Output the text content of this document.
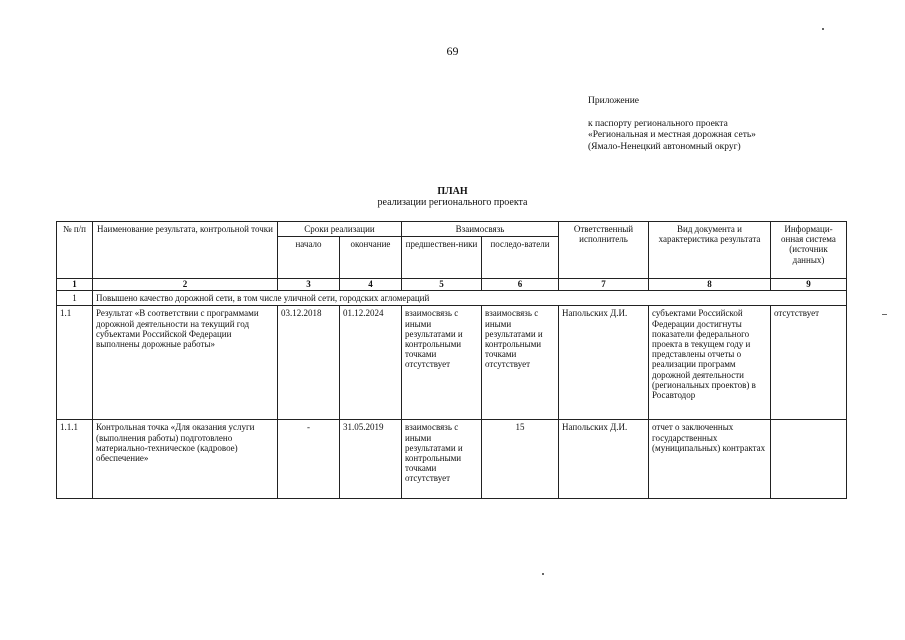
69
Приложение
к паспорту регионального проекта
«Региональная и местная дорожная сеть»
(Ямало-Ненецкий автономный округ)
ПЛАН
реализации регионального проекта
№ п/п	Наименование результата, контрольной точки	Сроки реализации		Взаимосвязь		Ответственный исполнитель	Вид документа и характеристика результата	Информаци-онная система (источник данных)
		начало	окончание	предшествен-ники	последо-ватели			
1	2	3	4	5	6	7	8	9
1	Повышено качество дорожной сети, в том числе уличной сети, городских агломераций							
1.1	Результат «В соответствии с программами дорожной деятельности на текущий год субъектами Российской Федерации выполнены дорожные работы»	03.12.2018	01.12.2024	взаимосвязь с иными результатами и контрольными точками отсутствует	взаимосвязь с иными результатами и контрольными точками отсутствует	Напольских Д.И.	субъектами Российской Федерации достигнуты показатели федерального проекта в текущем году и представлены отчеты о реализации программ дорожной деятельности (региональных проектов) в Росавтодор	отсутствует
1.1.1	Контрольная точка «Для оказания услуги (выполнения работы) подготовлено материально-техническое (кадровое) обеспечение»	-	31.05.2019	взаимосвязь с иными результатами и контрольными точками отсутствует	15	Напольских Д.И.	отчет о заключенных государственных (муниципальных) контрактах	
